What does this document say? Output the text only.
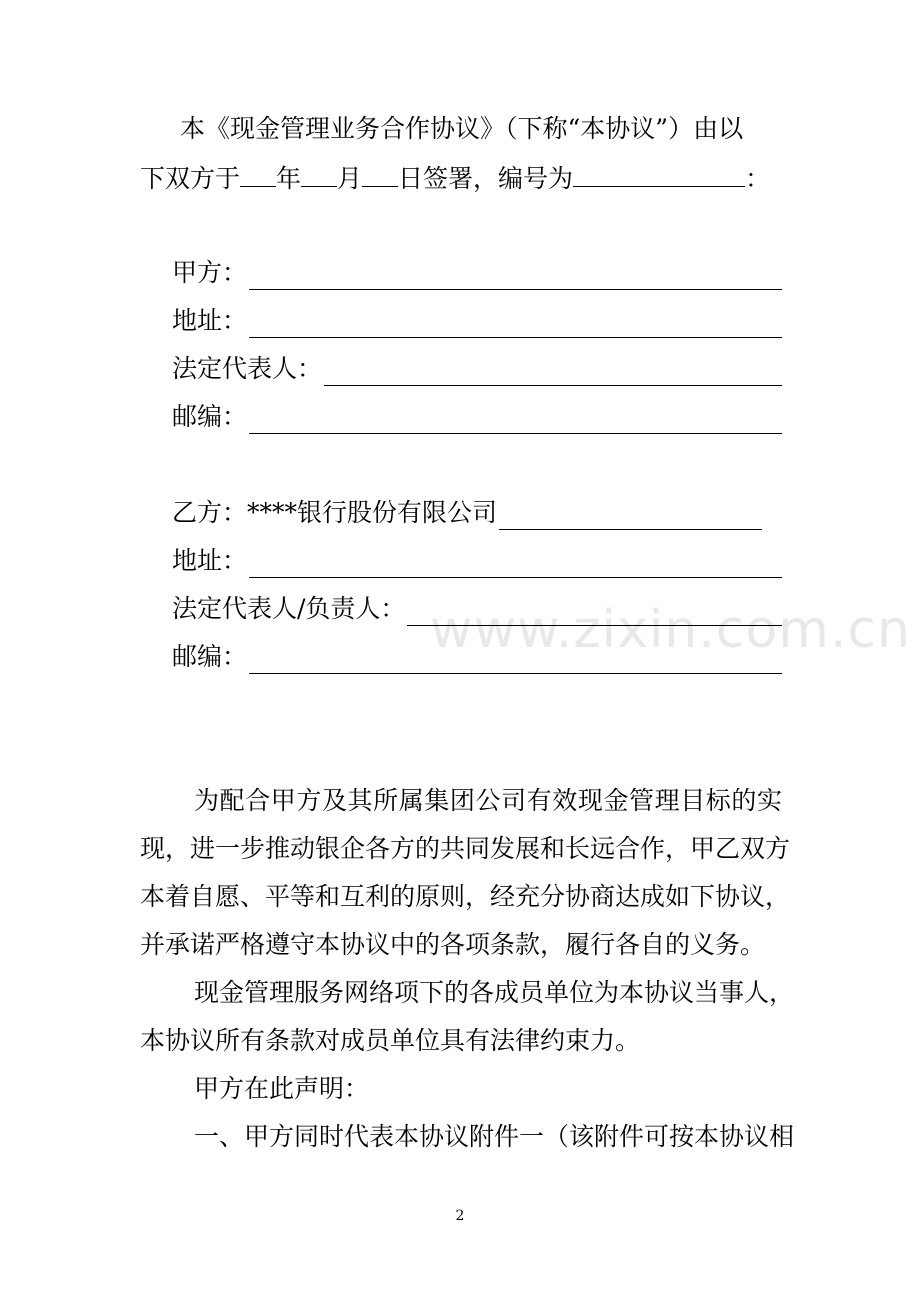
www.zixin.com.cn
本《现金管理业务合作协议》（下称“本协议”）由以
下双方于 年 月 日签署，编号为	：
甲方：
地址：
法定代表人：
邮编：
乙方：****银行股份有限公司
地址：
法定代表人/负责人：
邮编：
为配合甲方及其所属集团公司有效现金管理目标的实
现，进一步推动银企各方的共同发展和长远合作，甲乙双方
本着自愿、平等和互利的原则，经充分协商达成如下协议，
并承诺严格遵守本协议中的各项条款，履行各自的义务。
现金管理服务网络项下的各成员单位为本协议当事人，
本协议所有条款对成员单位具有法律约束力。
甲方在此声明：
一、甲方同时代表本协议附件一（该附件可按本协议相
2
